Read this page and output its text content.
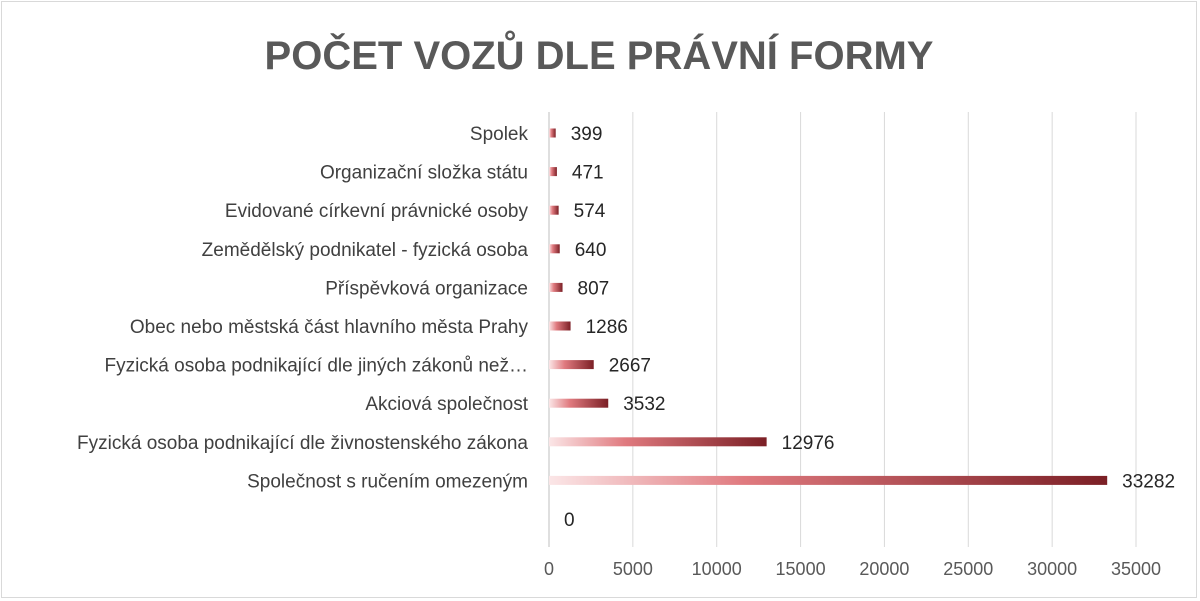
POČET VOZŮ DLE PRÁVNÍ FORMY
Spolek
Organizační složka státu
Evidované církevní právnické osoby
Zemědělský podnikatel - fyzická osoba
Příspěvková organizace
Obec nebo městská část hlavního města Prahy
Fyzická osoba podnikající dle jiných zákonů než…
Akciová společnost
Fyzická osoba podnikající dle živnostenského zákona
Společnost s ručením omezeným
399
471
574
640
807
1286
2667
3532
12976
33282
0
0	5000 10000 15000 20000 25000 30000 35000
